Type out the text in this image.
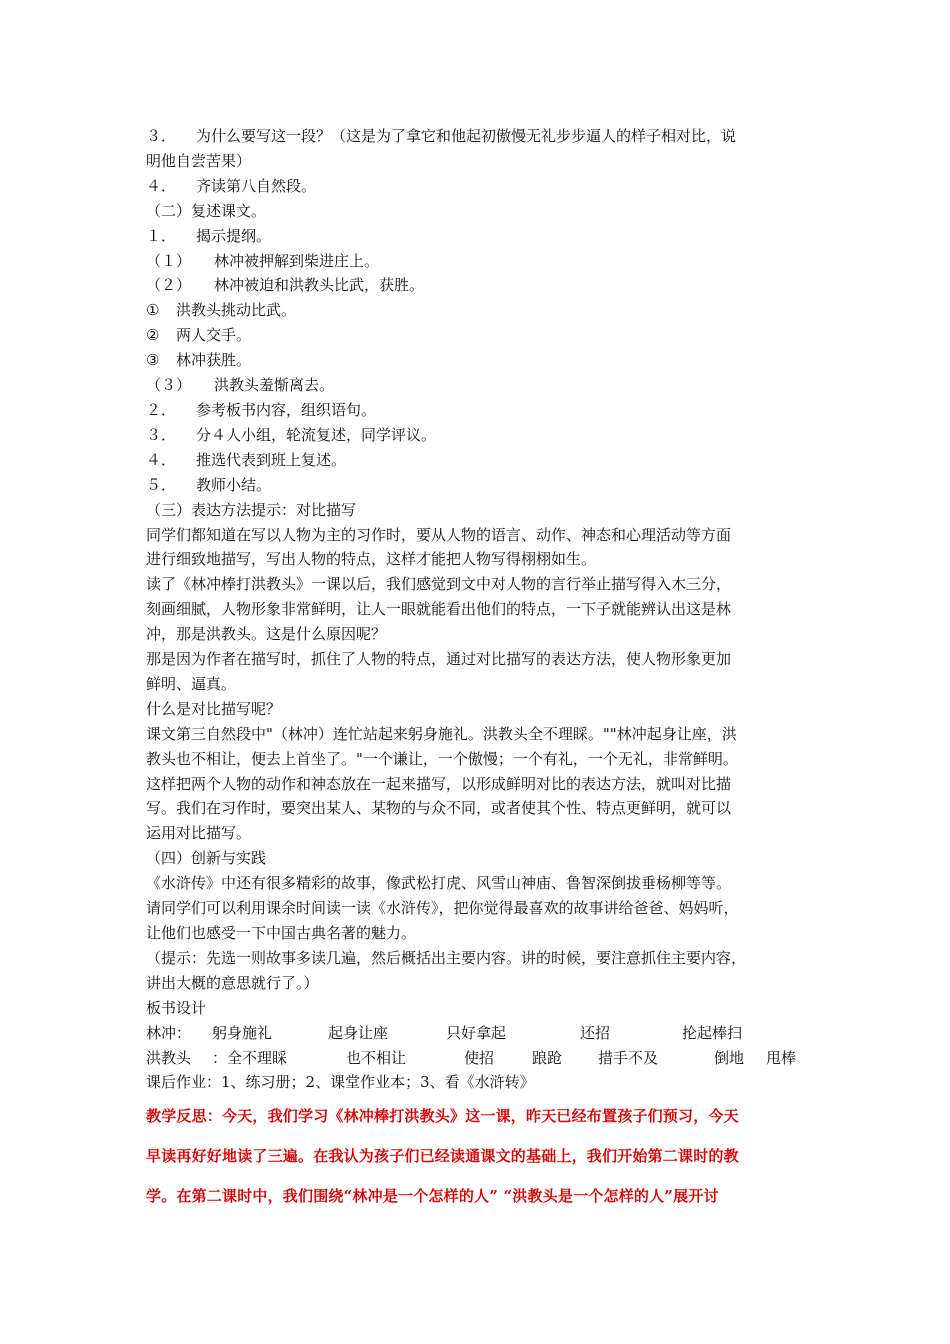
３． 为什么要写这一段？（这是为了拿它和他起初傲慢无礼步步逼人的样子相对比，说
明他自尝苦果）
４． 齐读第八自然段。
（二）复述课文。
１． 揭示提纲。
（１） 林冲被押解到柴进庄上。
（２） 林冲被迫和洪教头比武，获胜。
① 洪教头挑动比武。
② 两人交手。
③ 林冲获胜。
（３） 洪教头羞惭离去。
２． 参考板书内容，组织语句。
３． 分４人小组，轮流复述，同学评议。
４． 推选代表到班上复述。
５． 教师小结。
（三）表达方法提示：对比描写
同学们都知道在写以人物为主的习作时，要从人物的语言、动作、神态和心理活动等方面
进行细致地描写，写出人物的特点，这样才能把人物写得栩栩如生。
读了《林冲棒打洪教头》一课以后，我们感觉到文中对人物的言行举止描写得入木三分，
刻画细腻，人物形象非常鲜明，让人一眼就能看出他们的特点，一下子就能辨认出这是林
冲，那是洪教头。这是什么原因呢？
那是因为作者在描写时，抓住了人物的特点，通过对比描写的表达方法，使人物形象更加
鲜明、逼真。
什么是对比描写呢？
课文第三自然段中"（林冲）连忙站起来躬身施礼。洪教头全不理睬。""林冲起身让座，洪
教头也不相让，便去上首坐了。"一个谦让，一个傲慢；一个有礼，一个无礼，非常鲜明。
这样把两个人物的动作和神态放在一起来描写，以形成鲜明对比的表达方法，就叫对比描
写。我们在习作时，要突出某人、某物的与众不同，或者使其个性、特点更鲜明，就可以
运用对比描写。
（四）创新与实践
《水浒传》中还有很多精彩的故事，像武松打虎、风雪山神庙、鲁智深倒拔垂杨柳等等。
请同学们可以利用课余时间读一读《水浒传》，把你觉得最喜欢的故事讲给爸爸、妈妈听，
让他们也感受一下中国古典名著的魅力。
（提示：先选一则故事多读几遍，然后概括出主要内容。讲的时候，要注意抓住主要内容，
讲出大概的意思就行了。）
板书设计
林冲： 躬身施礼	起身让座	只好拿起	还招	抡起棒扫
洪教头 ：全不理睬	也不相让	使招	踉跄 措手不及	倒地 甩棒
课后作业：1、练习册；2、课堂作业本；3、看《水浒转》
教学反思：今天，我们学习《林冲棒打洪教头》这一课，昨天已经布置孩子们预习，今天
早读再好好地读了三遍。在我认为孩子们已经读通课文的基础上，我们开始第二课时的教
学。在第二课时中，我们围绕“林冲是一个怎样的人” “洪教头是一个怎样的人”展开讨
